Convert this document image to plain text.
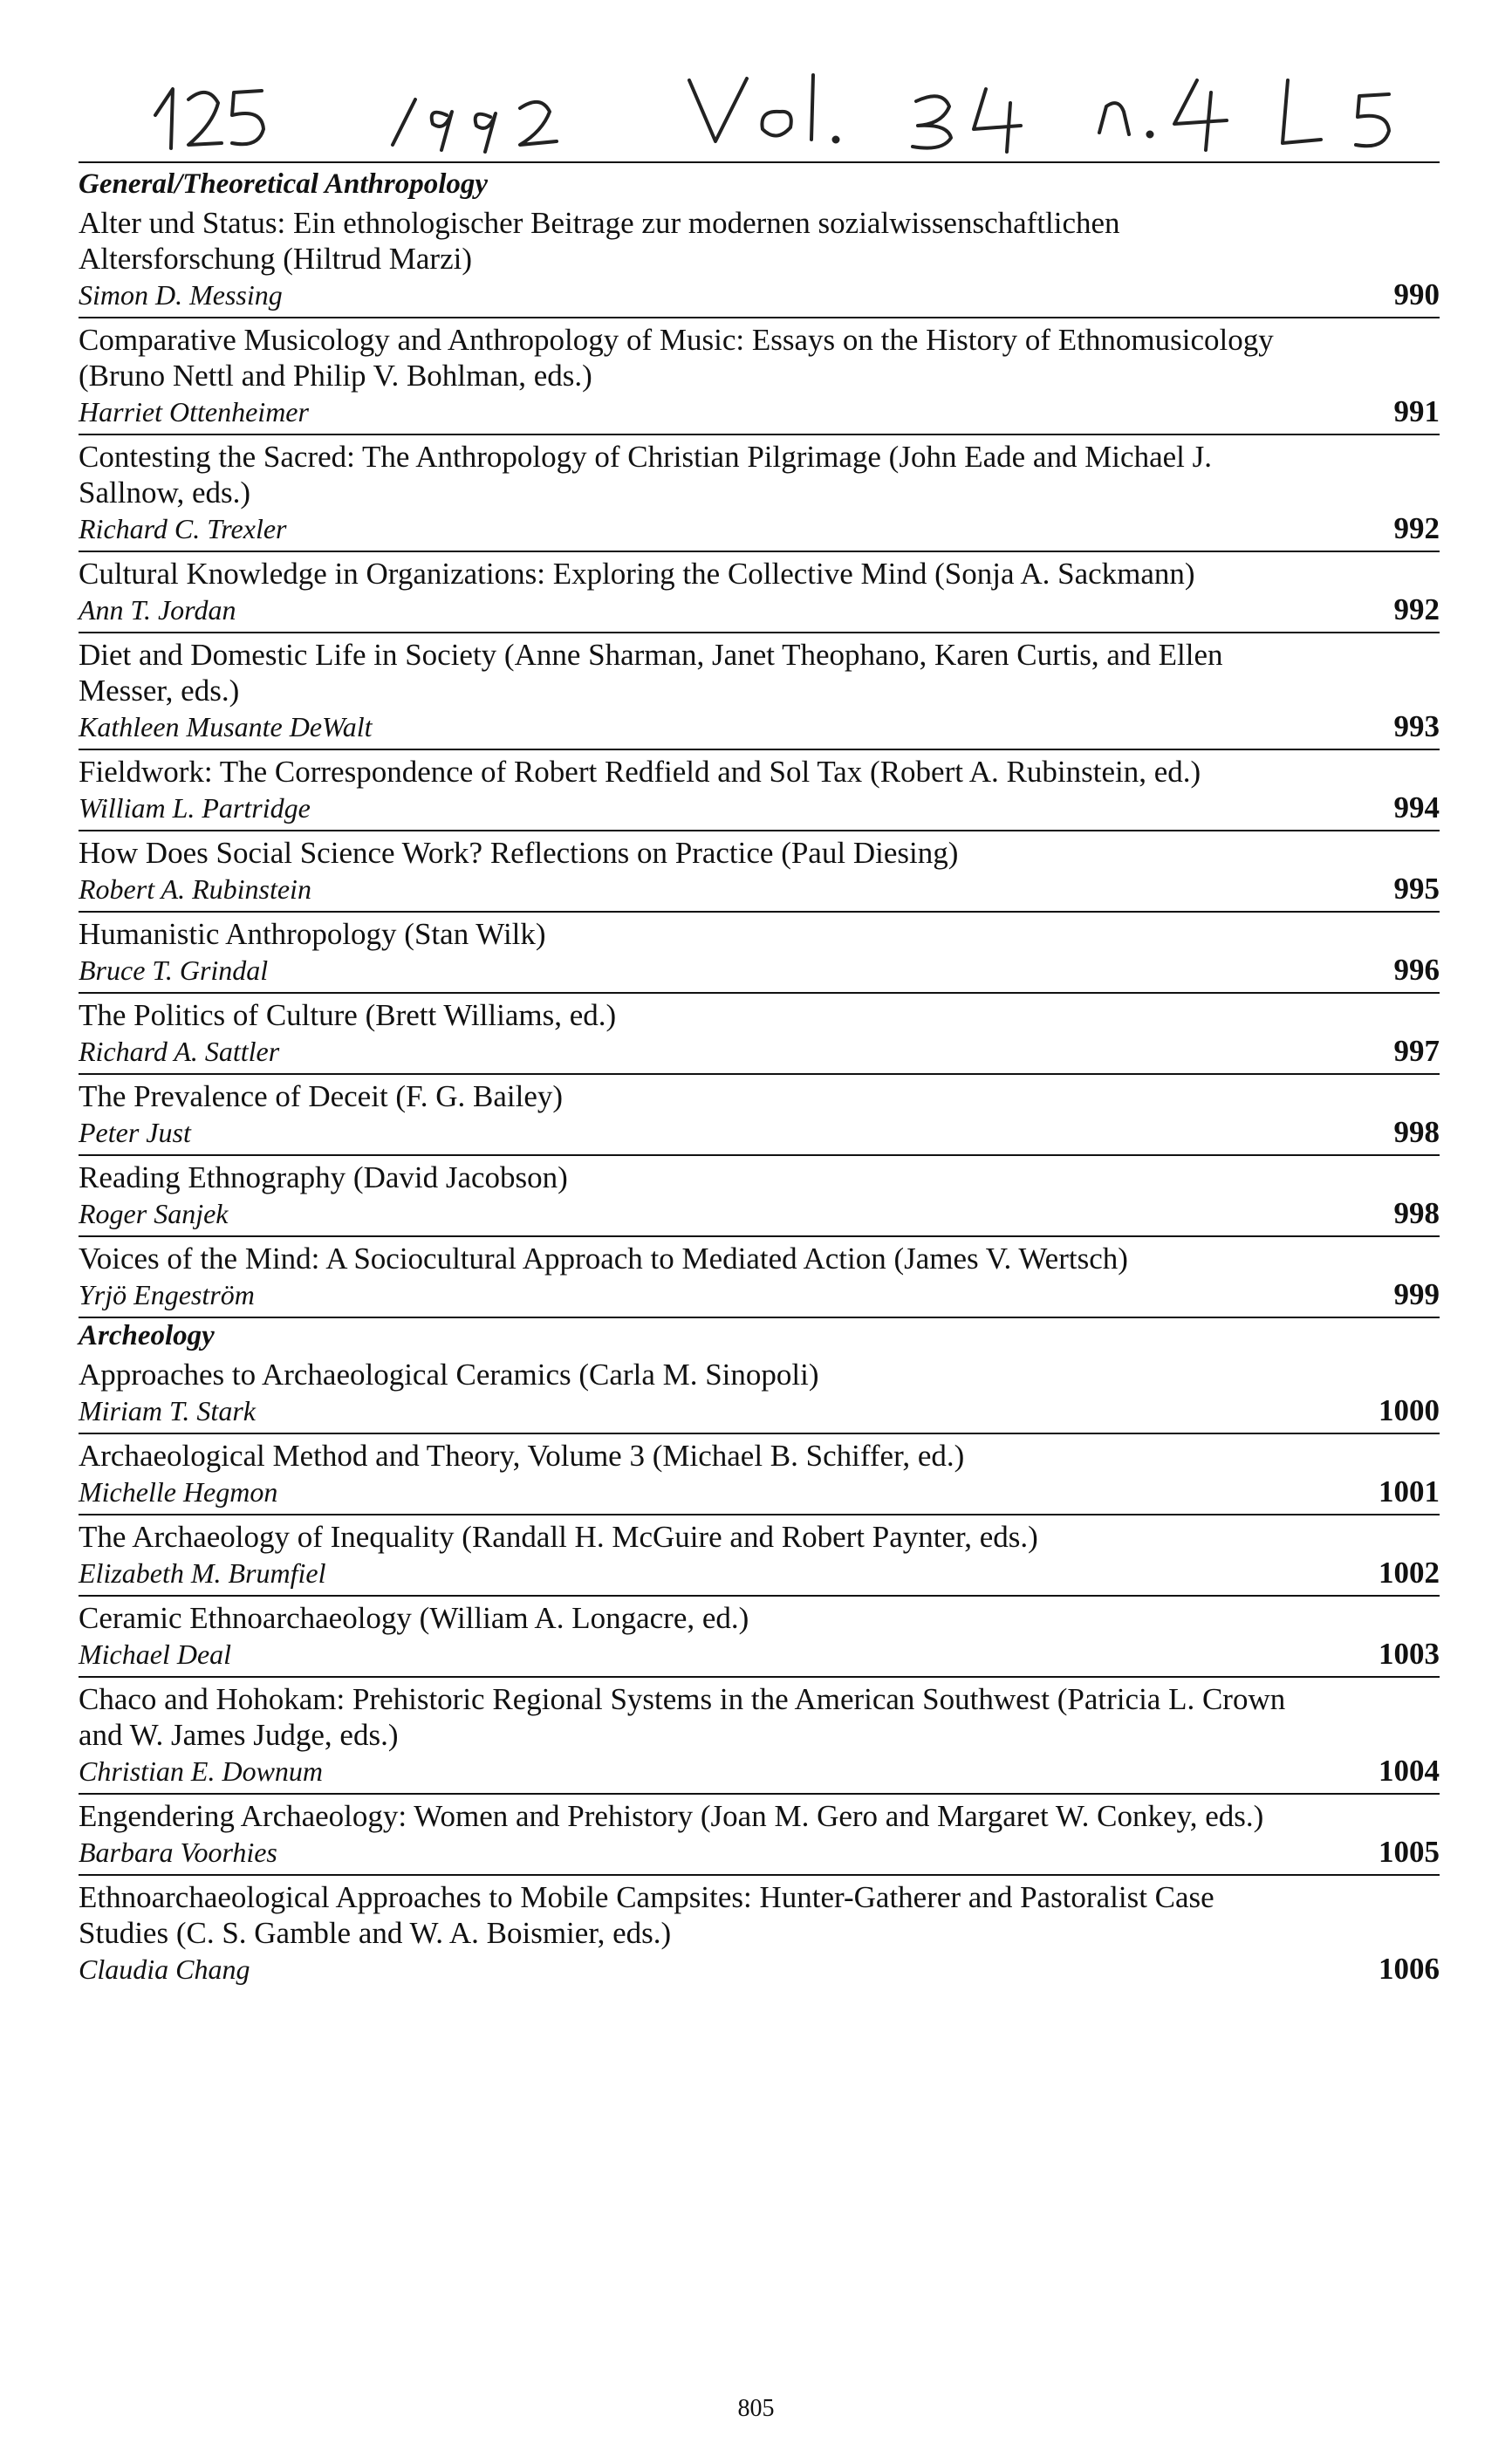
General/Theoretical Anthropology
Alter und Status: Ein ethnologischer Beitrage zur modernen sozialwissenschaftlichen Altersforschung (Hiltrud Marzi)
Simon D. Messing	990
Comparative Musicology and Anthropology of Music: Essays on the History of Ethnomusicology (Bruno Nettl and Philip V. Bohlman, eds.)
Harriet Ottenheimer	991
Contesting the Sacred: The Anthropology of Christian Pilgrimage (John Eade and Michael J. Sallnow, eds.)
Richard C. Trexler	992
Cultural Knowledge in Organizations: Exploring the Collective Mind (Sonja A. Sackmann)
Ann T. Jordan	992
Diet and Domestic Life in Society (Anne Sharman, Janet Theophano, Karen Curtis, and Ellen Messer, eds.)
Kathleen Musante DeWalt	993
Fieldwork: The Correspondence of Robert Redfield and Sol Tax (Robert A. Rubinstein, ed.)
William L. Partridge	994
How Does Social Science Work? Reflections on Practice (Paul Diesing)
Robert A. Rubinstein	995
Humanistic Anthropology (Stan Wilk)
Bruce T. Grindal	996
The Politics of Culture (Brett Williams, ed.)
Richard A. Sattler	997
The Prevalence of Deceit (F. G. Bailey)
Peter Just	998
Reading Ethnography (David Jacobson)
Roger Sanjek	998
Voices of the Mind: A Sociocultural Approach to Mediated Action (James V. Wertsch)
Yrjö Engeström	999
Archeology
Approaches to Archaeological Ceramics (Carla M. Sinopoli)
Miriam T. Stark	1000
Archaeological Method and Theory, Volume 3 (Michael B. Schiffer, ed.)
Michelle Hegmon	1001
The Archaeology of Inequality (Randall H. McGuire and Robert Paynter, eds.)
Elizabeth M. Brumfiel	1002
Ceramic Ethnoarchaeology (William A. Longacre, ed.)
Michael Deal	1003
Chaco and Hohokam: Prehistoric Regional Systems in the American Southwest (Patricia L. Crown and W. James Judge, eds.)
Christian E. Downum	1004
Engendering Archaeology: Women and Prehistory (Joan M. Gero and Margaret W. Conkey, eds.)
Barbara Voorhies	1005
Ethnoarchaeological Approaches to Mobile Campsites: Hunter-Gatherer and Pastoralist Case Studies (C. S. Gamble and W. A. Boismier, eds.)
Claudia Chang	1006
805
